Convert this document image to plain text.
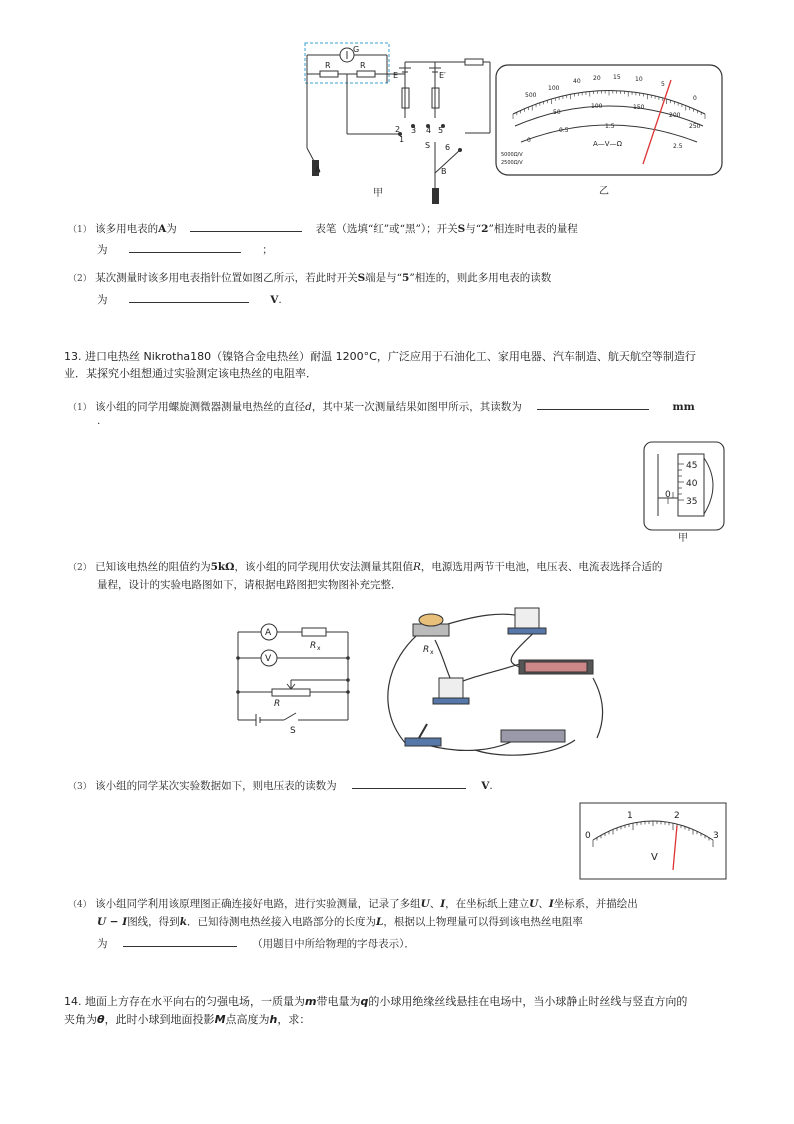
G
R	R
E	E′
2 3 4 5
1
6
S
A	B
甲
500
100
40 20 15 10
5
0
50
100	150
200
250
0
0.5
1.5
2.5
A—V—Ω
5000Ω/V
2500Ω/V
乙
（1） 该多用电表的A为	表笔（选填“红”或“黑”）；开关S与“2”相连时电表的量程
为	；
（2） 某次测量时该多用电表指针位置如图乙所示，若此时开关S端是与“5”相连的，则此多用电表的读数
为	V.
13. 进口电热丝 Nikrotha180（镍铬合金电热丝）耐温 1200°C，广泛应用于石油化工、家用电器、汽车制造、航天航空等制造行
业．某探究小组想通过实验测定该电热丝的电阻率．
（1） 该小组的同学用螺旋测微器测量电热丝的直径d，其中某一次测量结果如图甲所示，其读数为	mm
.
45
40
35
0
甲
（2） 已知该电热丝的阻值约为5kΩ，该小组的同学现用伏安法测量其阻值R，电源选用两节干电池，电压表、电流表选择合适的
量程，设计的实验电路图如下，请根据电路图把实物图补充完整．
A
V
R x
R
S
R x
（3） 该小组的同学某次实验数据如下，则电压表的读数为	V.
0
1	2
3
V
（4） 该小组同学利用该原理图正确连接好电路，进行实验测量，记录了多组U、I，在坐标纸上建立U、I坐标系，并描绘出
U − I图线，得到k．已知待测电热丝接入电路部分的长度为L，根据以上物理量可以得到该电热丝电阻率
为	（用题目中所给物理的字母表示）．
14. 地面上方存在水平向右的匀强电场，一质量为m带电量为q的小球用绝缘丝线悬挂在电场中，当小球静止时丝线与竖直方向的
夹角为θ，此时小球到地面投影M点高度为h，求：
